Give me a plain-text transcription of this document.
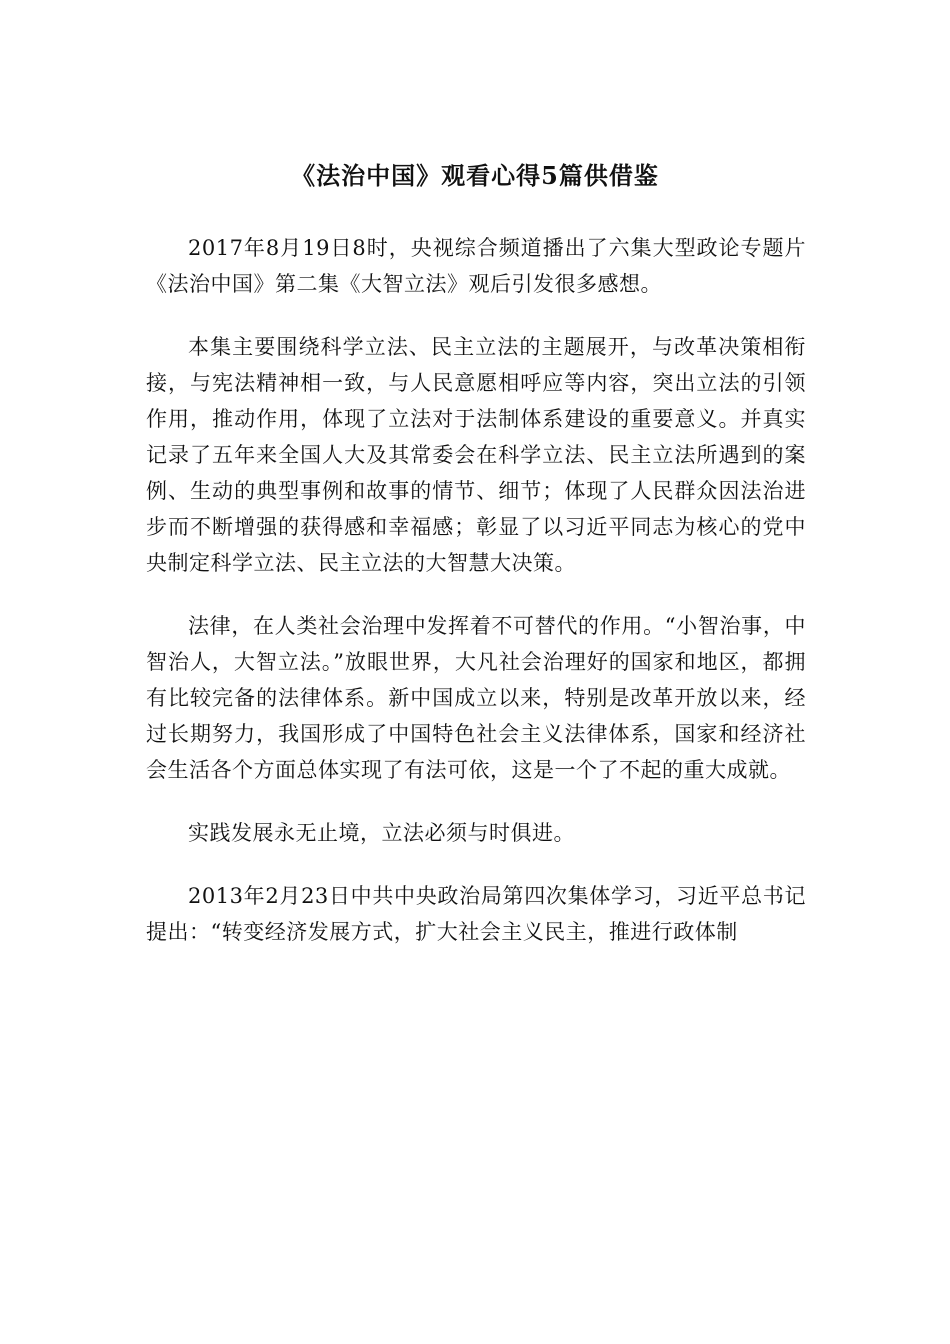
《法治中国》观看心得5篇供借鉴

2017年8月19日8时，央视综合频道播出了六集大型政论专题片《法治中国》第二集《大智立法》观后引发很多感想。

本集主要围绕科学立法、民主立法的主题展开，与改革决策相衔接，与宪法精神相一致，与人民意愿相呼应等内容，突出立法的引领作用，推动作用，体现了立法对于法制体系建设的重要意义。并真实记录了五年来全国人大及其常委会在科学立法、民主立法所遇到的案例、生动的典型事例和故事的情节、细节；体现了人民群众因法治进步而不断增强的获得感和幸福感；彰显了以习近平同志为核心的党中央制定科学立法、民主立法的大智慧大决策。

法律，在人类社会治理中发挥着不可替代的作用。“小智治事，中智治人，大智立法。”放眼世界，大凡社会治理好的国家和地区，都拥有比较完备的法律体系。新中国成立以来，特别是改革开放以来，经过长期努力，我国形成了中国特色社会主义法律体系，国家和经济社会生活各个方面总体实现了有法可依，这是一个了不起的重大成就。

实践发展永无止境，立法必须与时俱进。

2013年2月23日中共中央政治局第四次集体学习，习近平总书记提出：“转变经济发展方式，扩大社会主义民主，推进行政体制
